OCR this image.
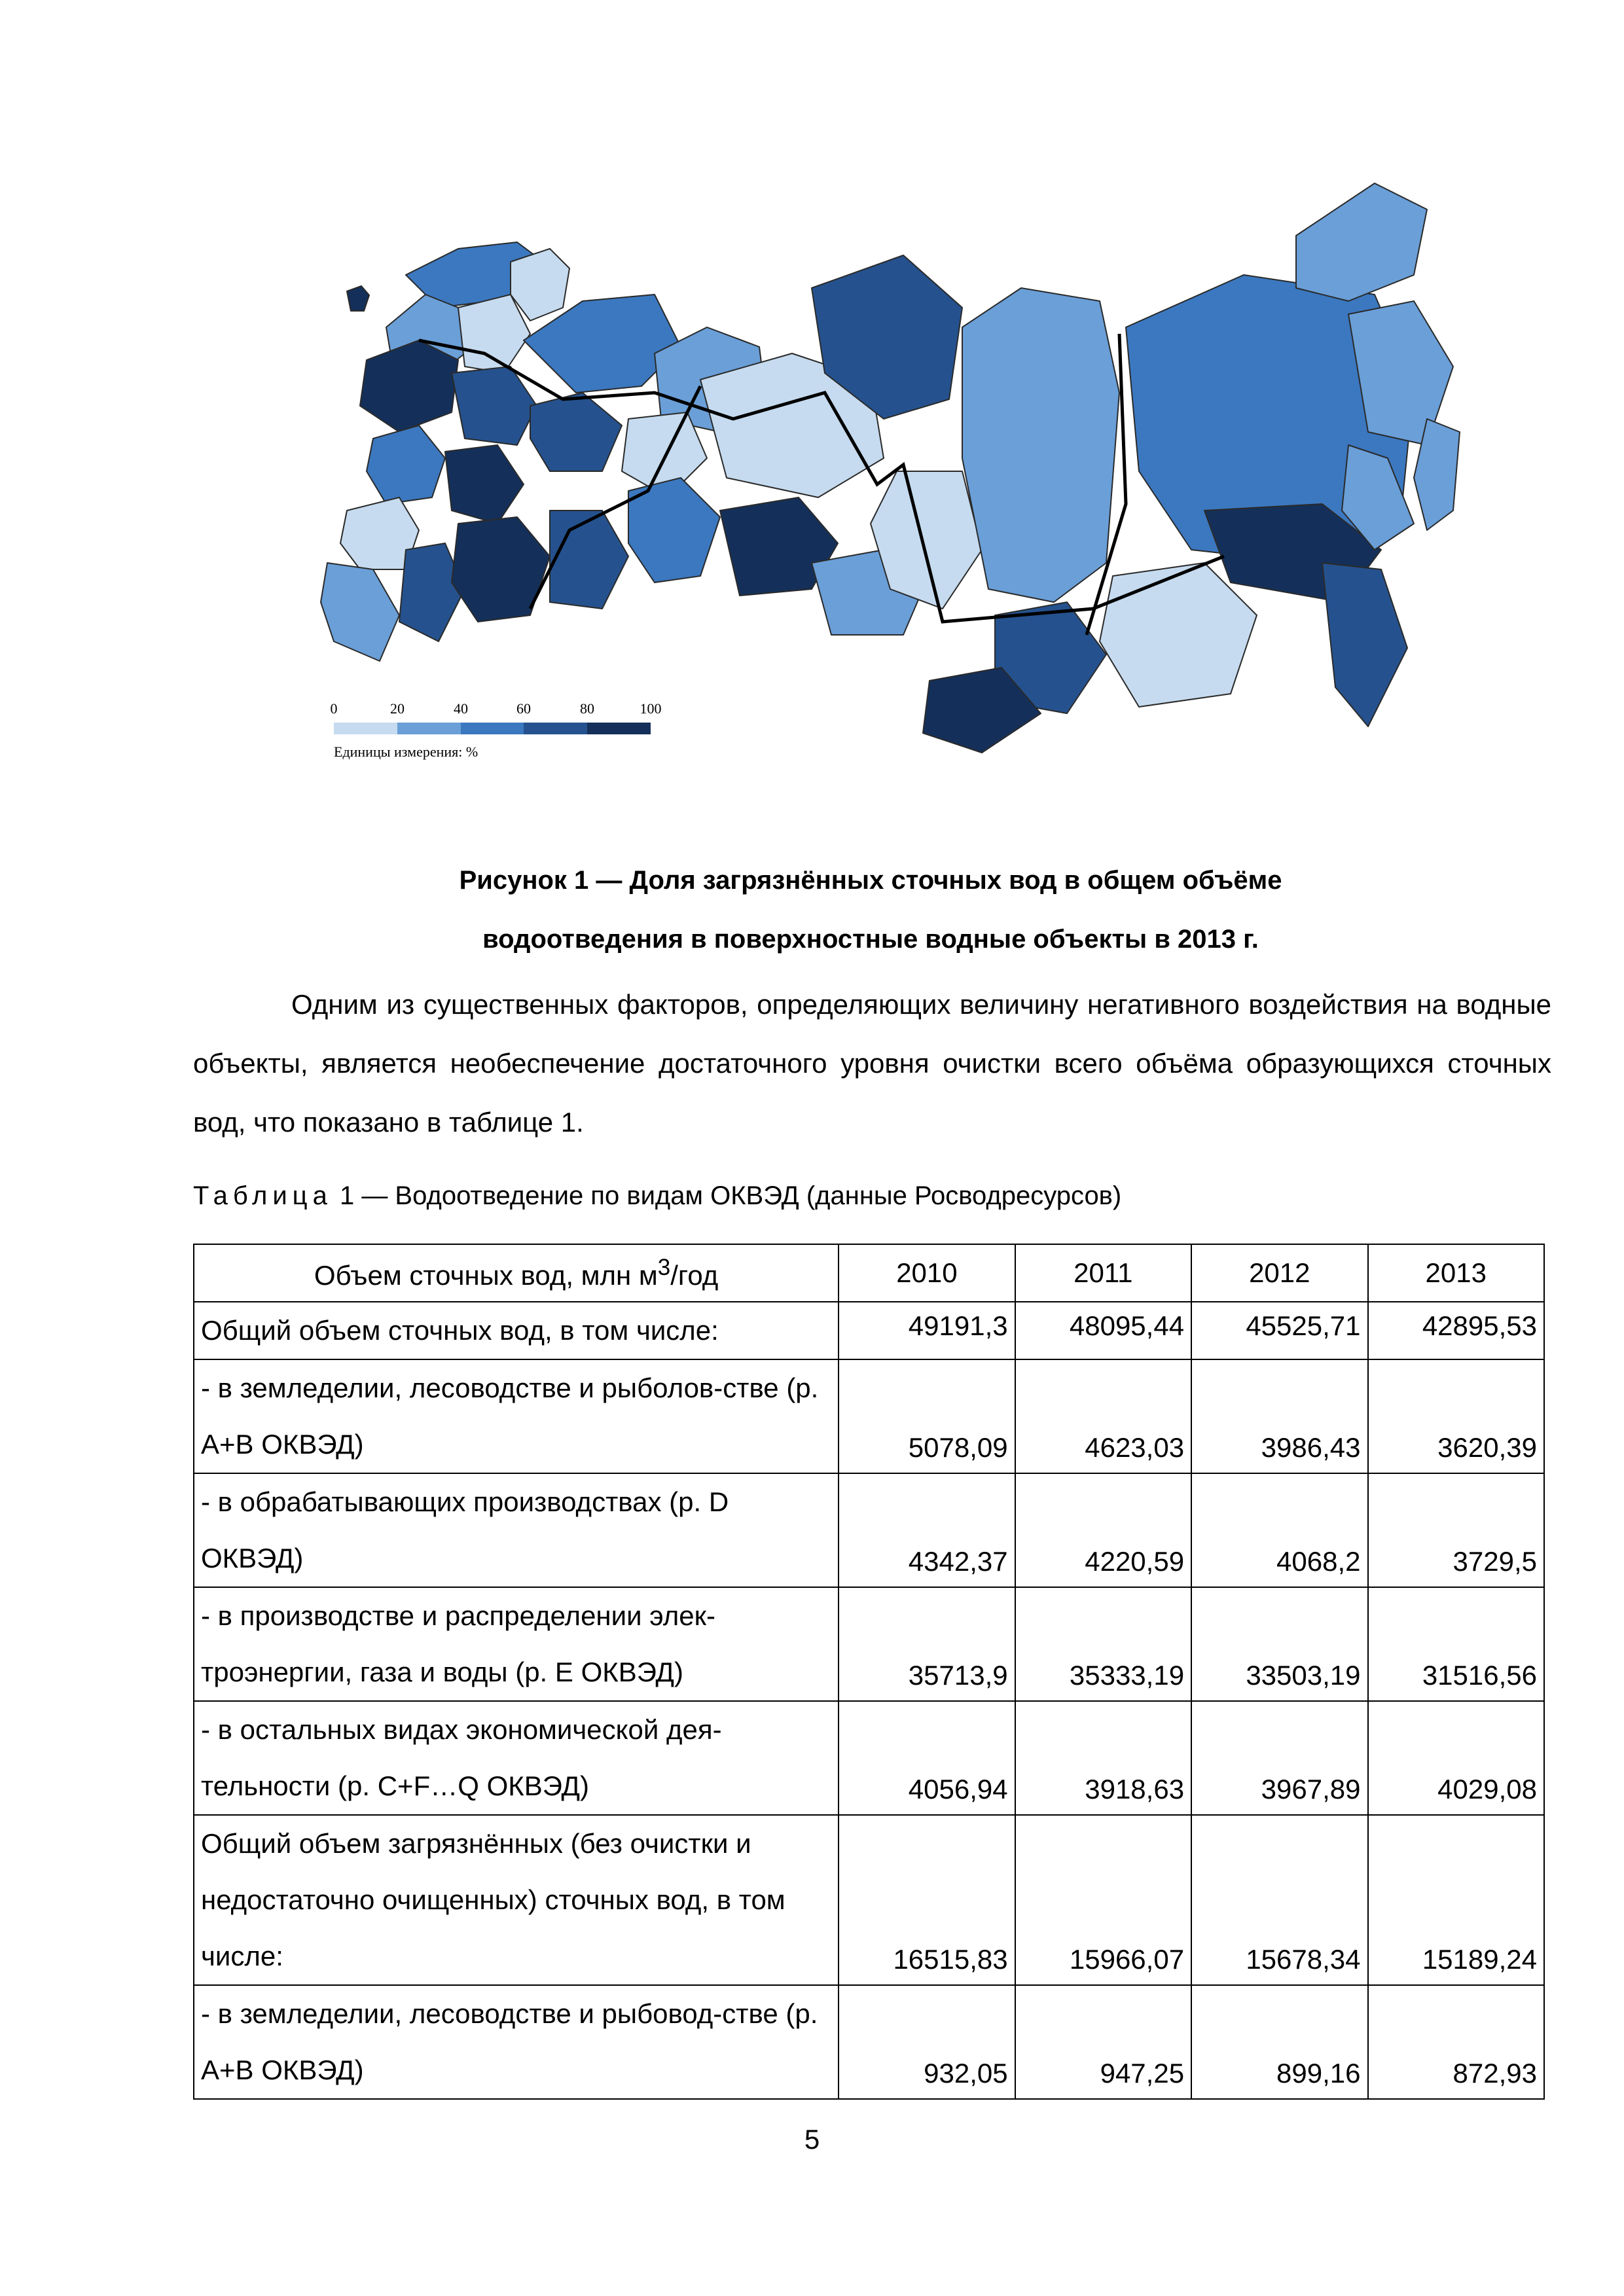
0	20	40	60	80	100
Единицы измерения: %
Рисунок 1 — Доля загрязнённых сточных вод в общем объёме
водоотведения в поверхностные водные объекты в 2013 г.
Одним из существенных факторов, определяющих величину негативного воздействия на водные объекты, является необеспечение достаточного уровня очистки всего объёма образующихся сточных вод, что показано в таблице 1.
Таблица 1 — Водоотведение по видам ОКВЭД (данные Росводресурсов)
Объем сточных вод, млн $м^3$/год	2010	2011	2012	2013
Общий объем сточных вод, в том числе:	49191,3	48095,44	45525,71	42895,53
- в земледелии, лесоводстве и рыболов-стве (р. А+В ОКВЭД)	5078,09	4623,03	3986,43	3620,39
- в обрабатывающих производствах (р. D ОКВЭД)	4342,37	4220,59	4068,2	3729,5
- в производстве и распределении элек-троэнергии, газа и воды (р. Е ОКВЭД)	35713,9	35333,19	33503,19	31516,56
- в остальных видах экономической дея-тельности (р. С+F…Q ОКВЭД)	4056,94	3918,63	3967,89	4029,08
Общий объем загрязнённых (без очистки и недостаточно очищенных) сточных вод, в том числе:	16515,83	15966,07	15678,34	15189,24
- в земледелии, лесоводстве и рыбовод-стве (р. А+В ОКВЭД)	932,05	947,25	899,16	872,93
5
